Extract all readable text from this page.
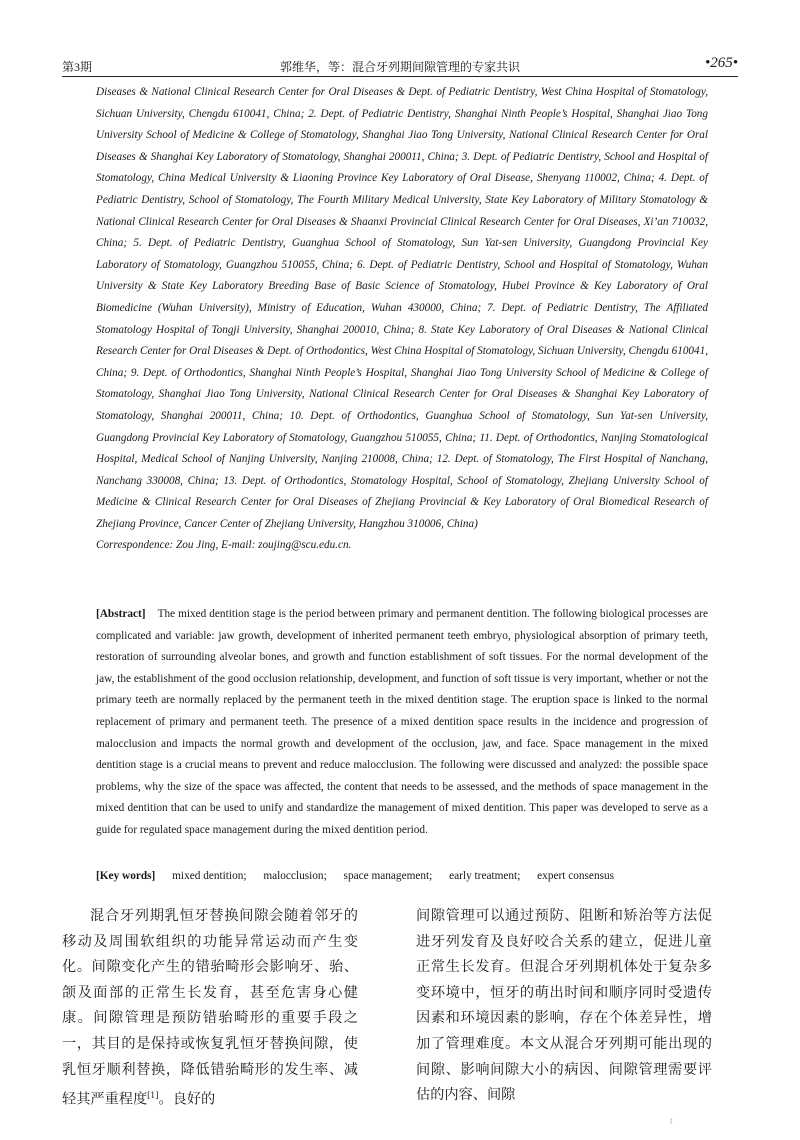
第3期	郭维华，等：混合牙列期间隙管理的专家共识	•265•
Diseases & National Clinical Research Center for Oral Diseases & Dept. of Pediatric Dentistry, West China Hospital of Stomatology, Sichuan University, Chengdu 610041, China; 2. Dept. of Pediatric Dentistry, Shanghai Ninth People’s Hospital, Shanghai Jiao Tong University School of Medicine & College of Stomatology, Shanghai Jiao Tong University, National Clinical Research Center for Oral Diseases & Shanghai Key Laboratory of Stomatology, Shanghai 200011, China; 3. Dept. of Pediatric Dentistry, School and Hospital of Stomatology, China Medical University & Liaoning Province Key Laboratory of Oral Disease, Shenyang 110002, China; 4. Dept. of Pediatric Dentistry, School of Stomatology, The Fourth Military Medical University, State Key Laboratory of Military Stomatology & National Clinical Research Center for Oral Diseases & Shaanxi Provincial Clinical Research Center for Oral Diseases, Xi’an 710032, China; 5. Dept. of Pediatric Dentistry, Guanghua School of Stomatology, Sun Yat-sen University, Guangdong Provincial Key Laboratory of Stomatology, Guangzhou 510055, China; 6. Dept. of Pediatric Dentistry, School and Hospital of Stomatology, Wuhan University & State Key Laboratory Breeding Base of Basic Science of Stomatology, Hubei Province & Key Laboratory of Oral Biomedicine (Wuhan University), Ministry of Education, Wuhan 430000, China; 7. Dept. of Pediatric Dentistry, The Affiliated Stomatology Hospital of Tongji University, Shanghai 200010, China; 8. State Key Laboratory of Oral Diseases & National Clinical Research Center for Oral Diseases & Dept. of Orthodontics, West China Hospital of Stomatology, Sichuan University, Chengdu 610041, China; 9. Dept. of Orthodontics, Shanghai Ninth People’s Hospital, Shanghai Jiao Tong University School of Medicine & College of Stomatology, Shanghai Jiao Tong University, National Clinical Research Center for Oral Diseases & Shanghai Key Laboratory of Stomatology, Shanghai 200011, China; 10. Dept. of Orthodontics, Guanghua School of Stomatology, Sun Yat-sen University, Guangdong Provincial Key Laboratory of Stomatology, Guangzhou 510055, China; 11. Dept. of Orthodontics, Nanjing Stomatological Hospital, Medical School of Nanjing University, Nanjing 210008, China; 12. Dept. of Stomatology, The First Hospital of Nanchang, Nanchang 330008, China; 13. Dept. of Orthodontics, Stomatology Hospital, School of Stomatology, Zhejiang University School of Medicine & Clinical Research Center for Oral Diseases of Zhejiang Provincial & Key Laboratory of Oral Biomedical Research of Zhejiang Province, Cancer Center of Zhejiang University, Hangzhou 310006, China)
Correspondence: Zou Jing, E-mail: zoujing@scu.edu.cn.
[Abstract] The mixed dentition stage is the period between primary and permanent dentition. The following biological processes are complicated and variable: jaw growth, development of inherited permanent teeth embryo, physiological absorption of primary teeth, restoration of surrounding alveolar bones, and growth and function establishment of soft tissues. For the normal development of the jaw, the establishment of the good occlusion relationship, development, and function of soft tissue is very important, whether or not the primary teeth are normally replaced by the permanent teeth in the mixed dentition stage. The eruption space is linked to the normal replacement of primary and permanent teeth. The presence of a mixed dentition space results in the incidence and progression of malocclusion and impacts the normal growth and development of the occlusion, jaw, and face. Space management in the mixed dentition stage is a crucial means to prevent and reduce malocclusion. The following were discussed and analyzed: the possible space problems, why the size of the space was affected, the content that needs to be assessed, and the methods of space management in the mixed dentition that can be used to unify and standardize the management of mixed dentition. This paper was developed to serve as a guide for regulated space management during the mixed dentition period.
[Key words] mixed dentition; malocclusion; space management; early treatment; expert consensus
混合牙列期乳恒牙替换间隙会随着邻牙的移动及周围软组织的功能异常运动而产生变化。间隙变化产生的错骀畸形会影响牙、骀、颌及面部的正常生长发育，甚至危害身心健康。间隙管理是预防错骀畸形的重要手段之一，其目的是保持或恢复乳恒牙替换间隙，使乳恒牙顺利替换，降低错骀畸形的发生率、减轻其严重程度[1]。良好的
间隙管理可以通过预防、阻断和矫治等方法促进牙列发育及良好咬合关系的建立，促进儿童正常生长发育。但混合牙列期机体处于复杂多变环境中，恒牙的萌出时间和顺序同时受遗传因素和环境因素的影响，存在个体差异性，增加了管理难度。本文从混合牙列期可能出现的间隙、影响间隙大小的病因、间隙管理需要评估的内容、间隙
t
